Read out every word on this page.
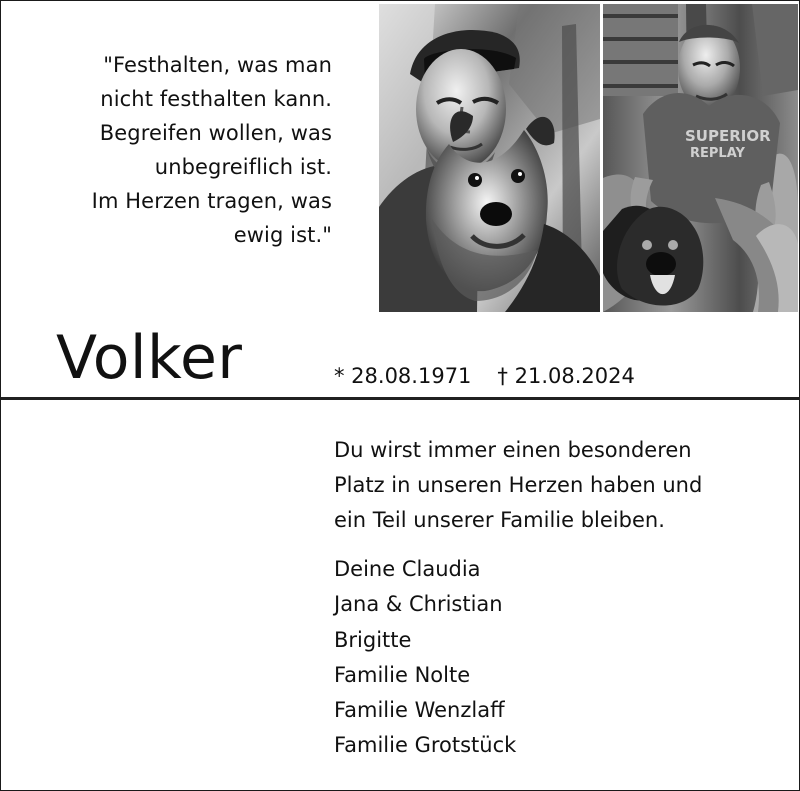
"Festhalten, was man
nicht festhalten kann.
Begreifen wollen, was
unbegreiflich ist.
Im Herzen tragen, was
ewig ist."
SUPERIOR
REPLAY
Volker	* 28.08.1971 † 21.08.2024
Du wirst immer einen besonderen
Platz in unseren Herzen haben und
ein Teil unserer Familie bleiben.
Deine Claudia
Jana & Christian
Brigitte
Familie Nolte
Familie Wenzlaff
Familie Grotstück
